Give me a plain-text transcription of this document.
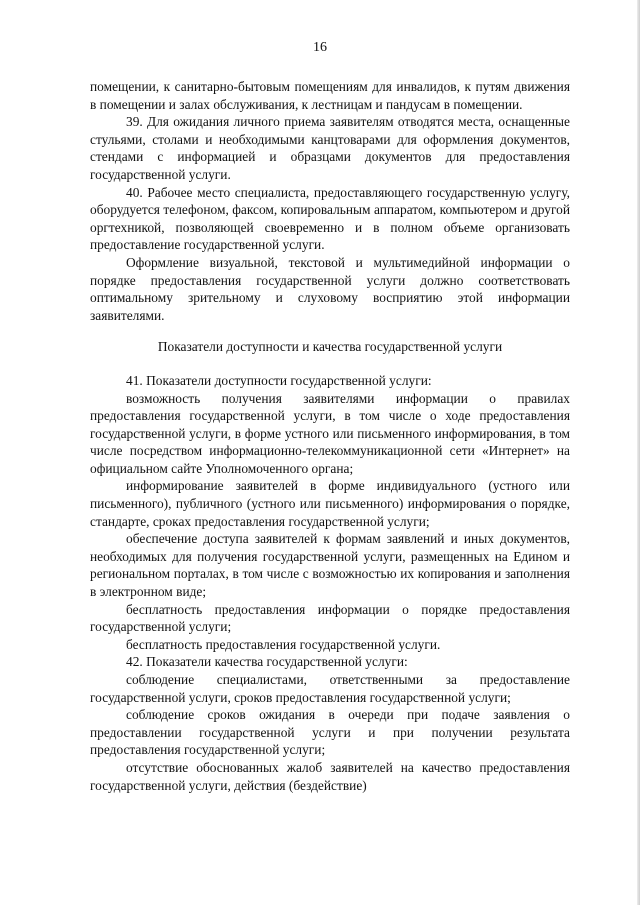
16

помещении, к санитарно-бытовым помещениям для инвалидов, к путям движения в помещении и залах обслуживания, к лестницам и пандусам в помещении.

39. Для ожидания личного приема заявителям отводятся места, оснащенные стульями, столами и необходимыми канцтоварами для оформления документов, стендами с информацией и образцами документов для предоставления государственной услуги.

40. Рабочее место специалиста, предоставляющего государственную услугу, оборудуется телефоном, факсом, копировальным аппаратом, компьютером и другой оргтехникой, позволяющей своевременно и в полном объеме организовать предоставление государственной услуги.

Оформление визуальной, текстовой и мультимедийной информации о порядке предоставления государственной услуги должно соответствовать оптимальному зрительному и слуховому восприятию этой информации заявителями.

Показатели доступности и качества государственной услуги

41. Показатели доступности государственной услуги:

возможность получения заявителями информации о правилах предоставления государственной услуги, в том числе о ходе предоставления государственной услуги, в форме устного или письменного информирования, в том числе посредством информационно-телекоммуникационной сети «Интернет» на официальном сайте Уполномоченного органа;

информирование заявителей в форме индивидуального (устного или письменного), публичного (устного или письменного) информирования о порядке, стандарте, сроках предоставления государственной услуги;

обеспечение доступа заявителей к формам заявлений и иных документов, необходимых для получения государственной услуги, размещенных на Едином и региональном порталах, в том числе с возможностью их копирования и заполнения в электронном виде;

бесплатность предоставления информации о порядке предоставления государственной услуги;

бесплатность предоставления государственной услуги.

42. Показатели качества государственной услуги:

соблюдение специалистами, ответственными за предоставление государственной услуги, сроков предоставления государственной услуги;

соблюдение сроков ожидания в очереди при подаче заявления о предоставлении государственной услуги и при получении результата предоставления государственной услуги;

отсутствие обоснованных жалоб заявителей на качество предоставления государственной услуги, действия (бездействие)
